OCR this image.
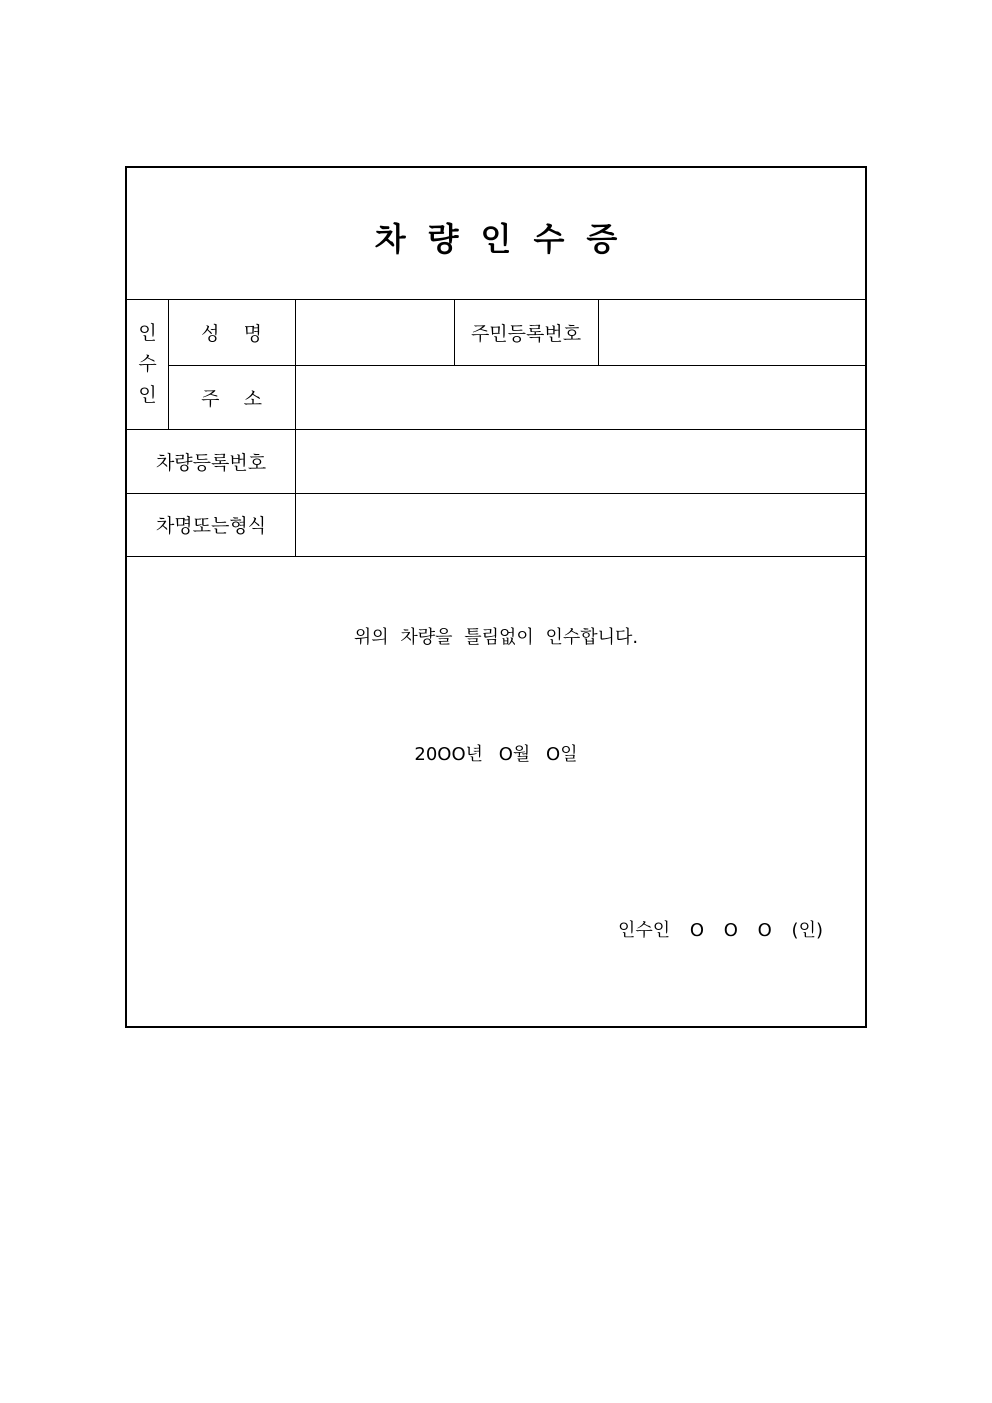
차 량 인 수 증
인
수
인
성    명	주민등록번호
주    소
차량등록번호
차명또는형식
위의 차량을 틀림없이 인수합니다.
20OO년 O월 O일
인수인 O O O (인)
